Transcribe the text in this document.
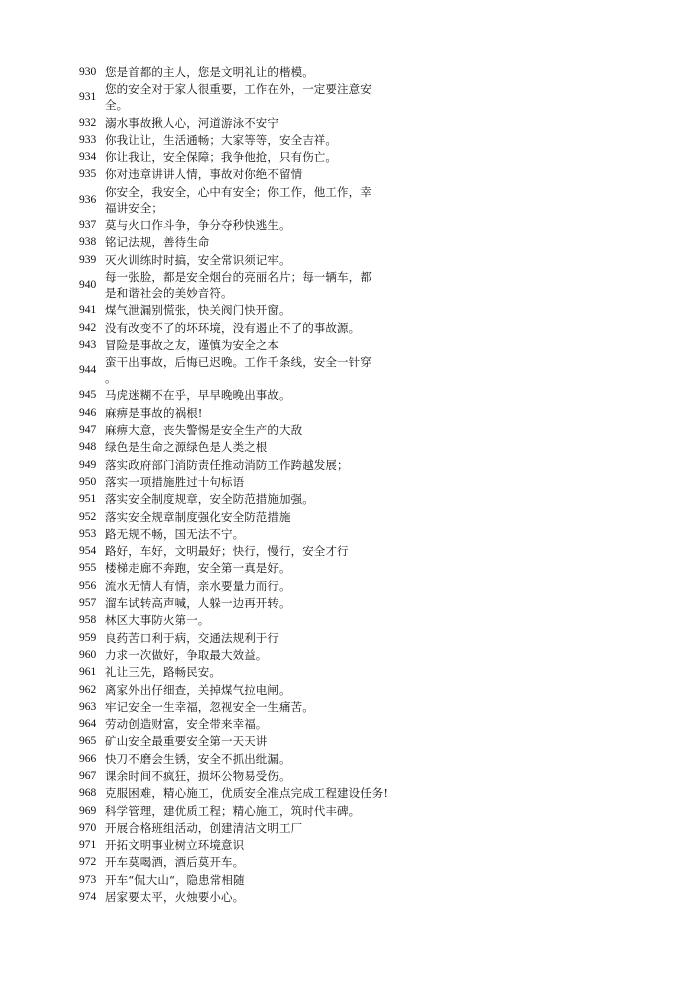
930 您是首都的主人，您是文明礼让的楷模。
931
您的安全对于家人很重要，工作在外，一定要注意安
全。
932 溺水事故揪人心，河道游泳不安宁
933 你我让让，生活通畅；大家等等，安全吉祥。
934 你让我让，安全保障；我争他抢，只有伤亡。
935 你对违章讲讲人情，事故对你绝不留情
936
你安全，我安全，心中有安全；你工作，他工作，幸
福讲安全；
937 莫与火口作斗争，争分夺秒快逃生。
938 铭记法规，善待生命
939 灭火训练时时搞，安全常识须记牢。
940
每一张脸，都是安全烟台的亮丽名片；每一辆车，都
是和谐社会的美妙音符。
941 煤气泄漏别慌张，快关阀门快开窗。
942 没有改变不了的坏环境，没有遏止不了的事故源。
943 冒险是事故之友，谨慎为安全之本
944
蛮干出事故，后悔已迟晚。工作千条线，安全一针穿
。
945 马虎迷糊不在乎，早早晚晚出事故。
946 麻痹是事故的祸根!
947 麻痹大意，丧失警惕是安全生产的大敌
948 绿色是生命之源绿色是人类之根
949 落实政府部门消防责任推动消防工作跨越发展；
950 落实一项措施胜过十句标语
951 落实安全制度规章，安全防范措施加强。
952 落实安全规章制度强化安全防范措施
953 路无规不畅，国无法不宁。
954 路好，车好，文明最好；快行，慢行，安全才行
955 楼梯走廊不奔跑，安全第一真是好。
956 流水无情人有情，亲水要量力而行。
957 溜车试转高声喊，人躲一边再开转。
958 林区大事防火第一。
959 良药苦口利于病，交通法规利于行
960 力求一次做好，争取最大效益。
961 礼让三先，路畅民安。
962 离家外出仔细查，关掉煤气拉电闸。
963 牢记安全一生幸福，忽视安全一生痛苦。
964 劳动创造财富，安全带来幸福。
965 矿山安全最重要安全第一天天讲
966 快刀不磨会生锈，安全不抓出纰漏。
967 课余时间不疯狂，损坏公物易受伤。
968 克服困难，精心施工，优质安全准点完成工程建设任务!
969 科学管理，建优质工程；精心施工，筑时代丰碑。
970 开展合格班组活动，创建清洁文明工厂
971 开拓文明事业树立环境意识
972 开车莫喝酒，酒后莫开车。
973 开车“侃大山“，隐患常相随
974 居家要太平，火烛要小心。
